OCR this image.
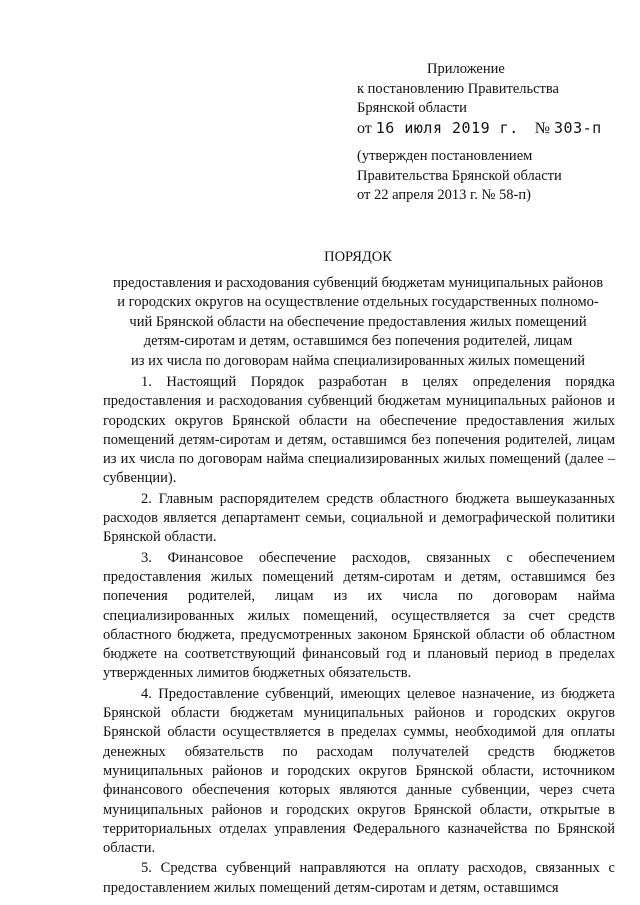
Приложение
к постановлению Правительства
Брянской области
от 16 июля 2019 г. № 303-п
(утвержден постановлением
Правительства Брянской области
от 22 апреля 2013 г. № 58-п)
ПОРЯДОК
предоставления и расходования субвенций бюджетам муниципальных районов
и городских округов на осуществление отдельных государственных полномо-
чий Брянской области на обеспечение предоставления жилых помещений
детям-сиротам и детям, оставшимся без попечения родителей, лицам
из их числа по договорам найма специализированных жилых помещений

1. Настоящий Порядок разработан в целях определения порядка предоставления и расходования субвенций бюджетам муниципальных районов и городских округов Брянской области на обеспечение предоставления жилых помещений детям-сиротам и детям, оставшимся без попечения родителей, лицам из их числа по договорам найма специализированных жилых помещений (далее – субвенции).

2. Главным распорядителем средств областного бюджета вышеуказанных расходов является департамент семьи, социальной и демографической политики Брянской области.

3. Финансовое обеспечение расходов, связанных с обеспечением предоставления жилых помещений детям-сиротам и детям, оставшимся без попечения родителей, лицам из их числа по договорам найма специализированных жилых помещений, осуществляется за счет средств областного бюджета, предусмотренных законом Брянской области об областном бюджете на соответствующий финансовый год и плановый период в пределах утвержденных лимитов бюджетных обязательств.

4. Предоставление субвенций, имеющих целевое назначение, из бюджета Брянской области бюджетам муниципальных районов и городских округов Брянской области осуществляется в пределах суммы, необходимой для оплаты денежных обязательств по расходам получателей средств бюджетов муниципальных районов и городских округов Брянской области, источником финансового обеспечения которых являются данные субвенции, через счета муниципальных районов и городских округов Брянской области, открытые в территориальных отделах управления Федерального казначейства по Брянской области.

5. Средства субвенций направляются на оплату расходов, связанных с предоставлением жилых помещений детям-сиротам и детям, оставшимся
